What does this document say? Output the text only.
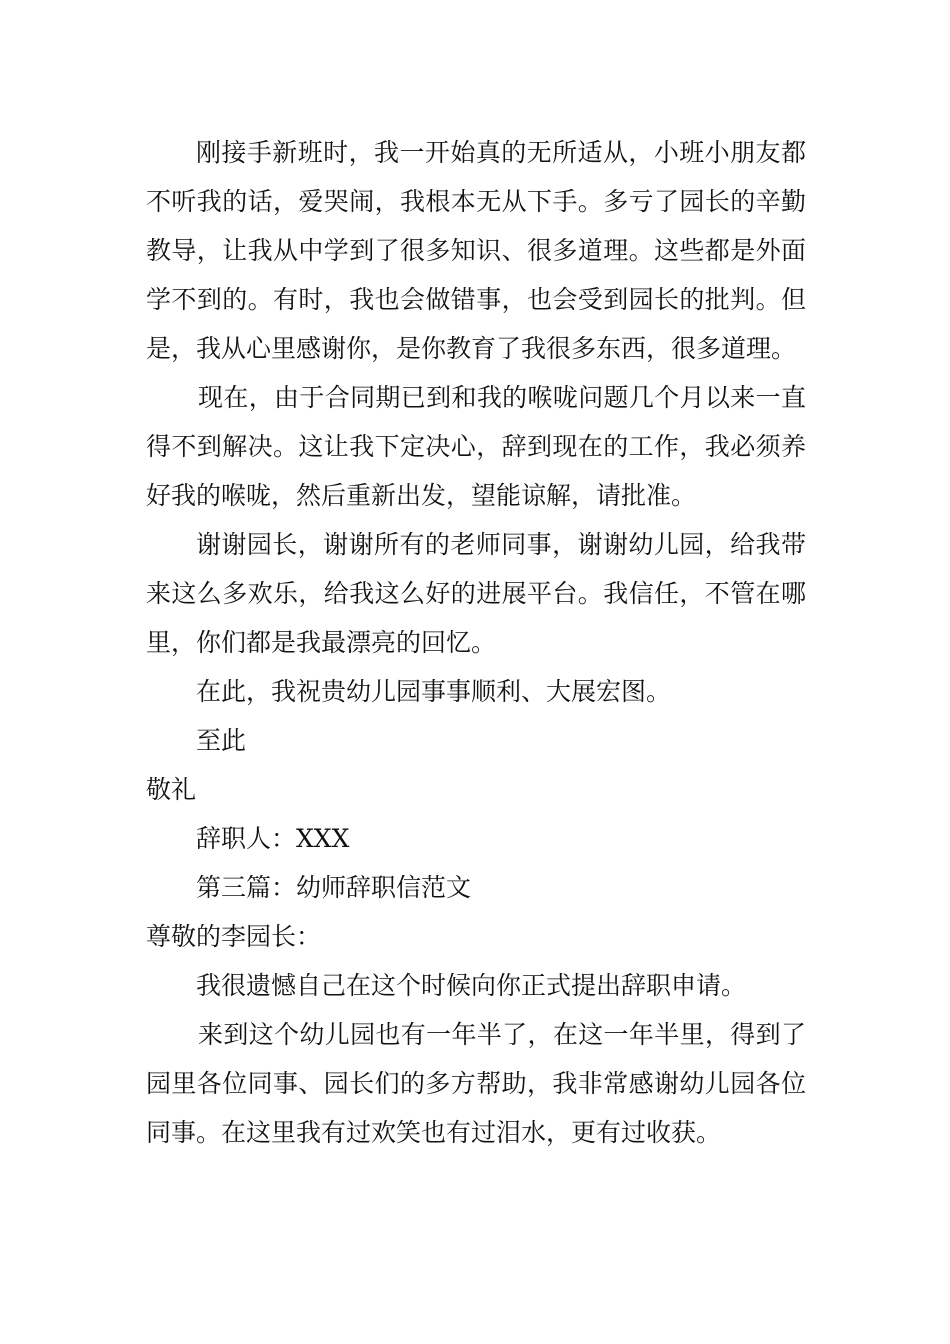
刚接手新班时，我一开始真的无所适从，小班小朋友都不听我的话，爱哭闹，我根本无从下手。多亏了园长的辛勤教导，让我从中学到了很多知识、很多道理。这些都是外面学不到的。有时，我也会做错事，也会受到园长的批判。但是，我从心里感谢你，是你教育了我很多东西，很多道理。

现在，由于合同期已到和我的喉咙问题几个月以来一直得不到解决。这让我下定决心，辞到现在的工作，我必须养好我的喉咙，然后重新出发，望能谅解，请批准。

谢谢园长，谢谢所有的老师同事，谢谢幼儿园，给我带来这么多欢乐，给我这么好的进展平台。我信任，不管在哪里，你们都是我最漂亮的回忆。

在此，我祝贵幼儿园事事顺利、大展宏图。

至此

敬礼

辞职人：XXX

第三篇：幼师辞职信范文

尊敬的李园长：

我很遗憾自己在这个时候向你正式提出辞职申请。

来到这个幼儿园也有一年半了，在这一年半里，得到了园里各位同事、园长们的多方帮助，我非常感谢幼儿园各位同事。在这里我有过欢笑也有过泪水，更有过收获。
